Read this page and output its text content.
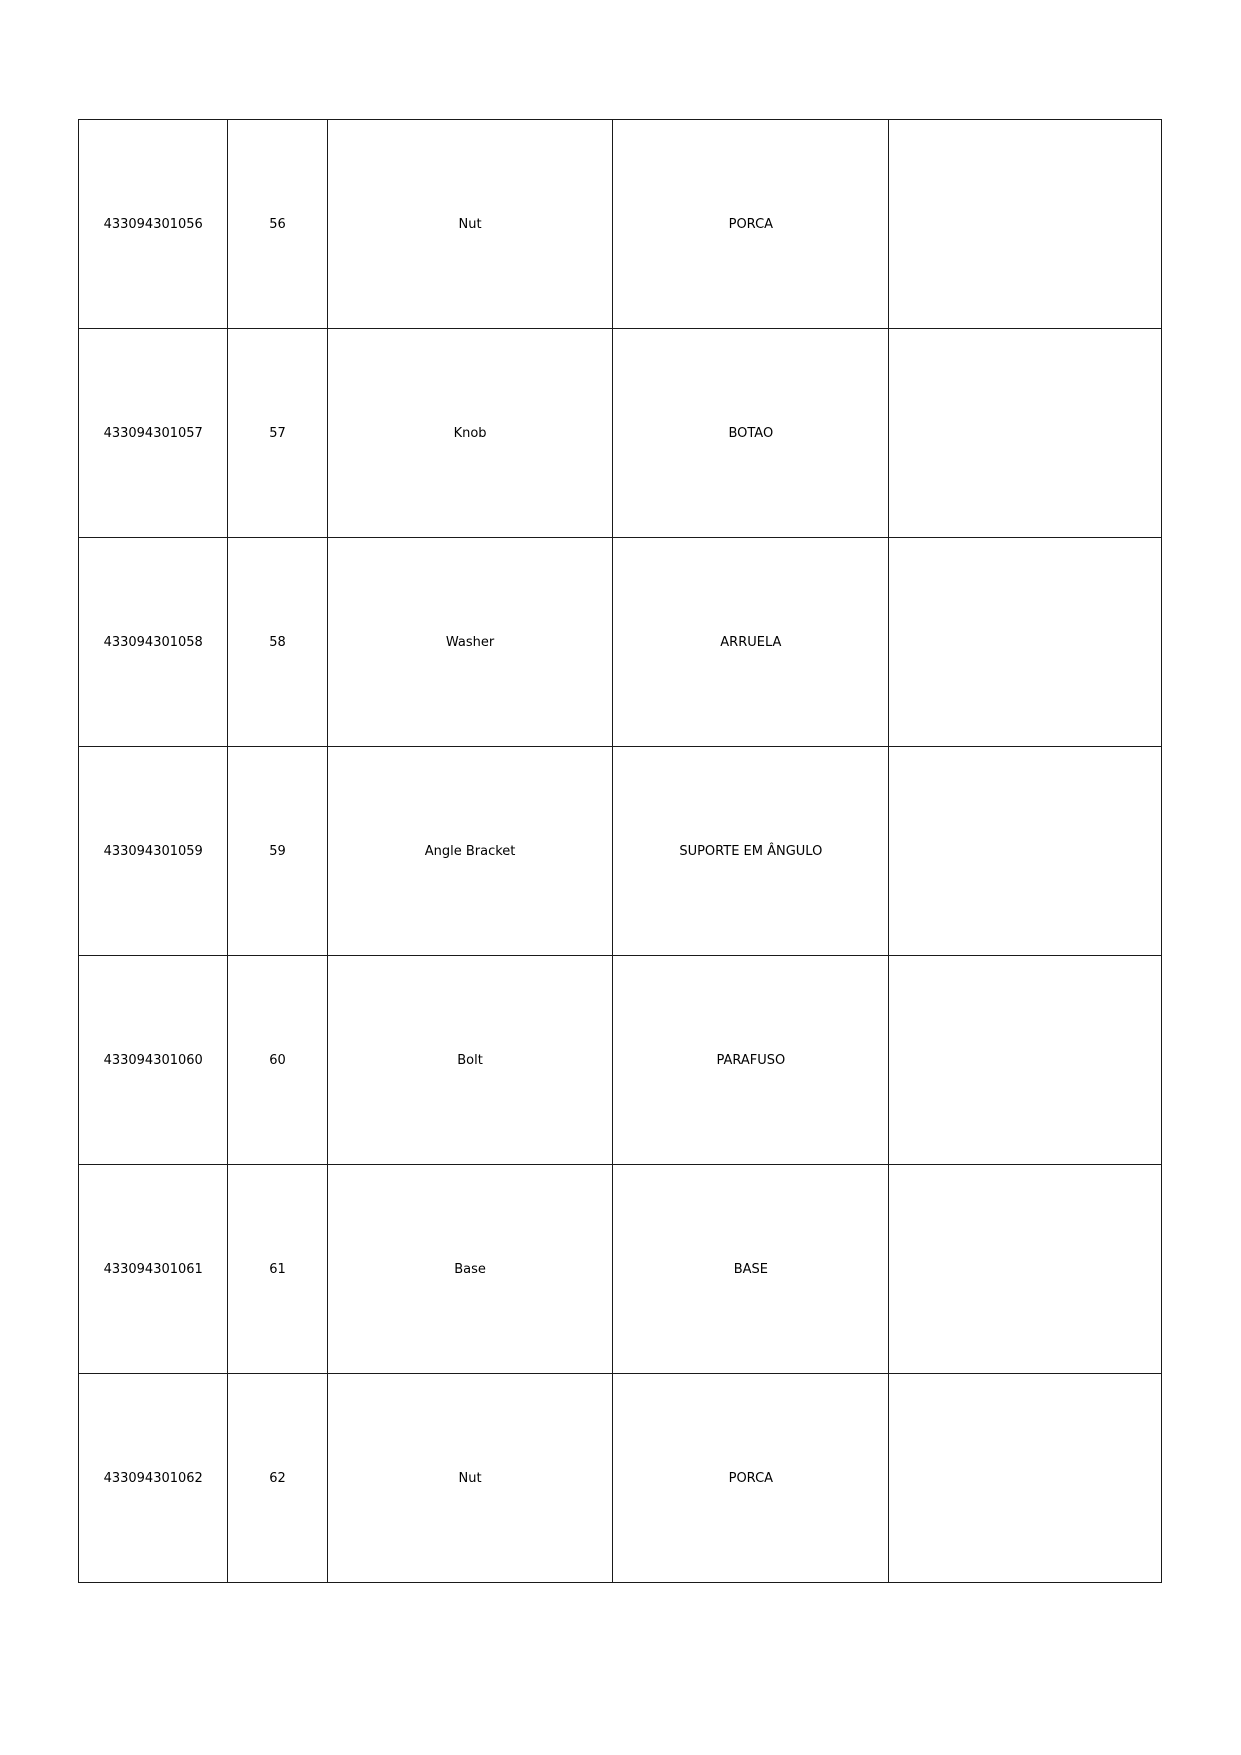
433094301056	56	Nut	PORCA	
433094301057	57	Knob	BOTAO	
433094301058	58	Washer	ARRUELA	
433094301059	59	Angle Bracket	SUPORTE EM ÂNGULO	
433094301060	60	Bolt	PARAFUSO	
433094301061	61	Base	BASE	
433094301062	62	Nut	PORCA	
